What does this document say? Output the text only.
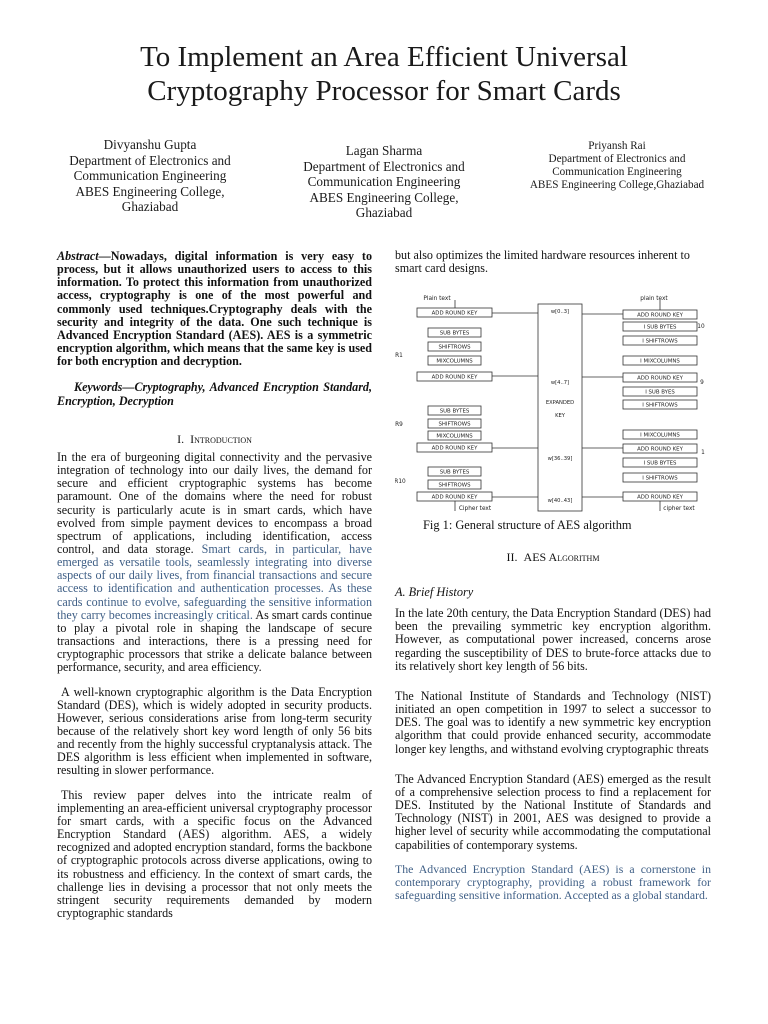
To Implement an Area Efficient Universal
Cryptography Processor for Smart Cards
Divyanshu Gupta
Department of Electronics and
Communication Engineering
ABES Engineering College,
Ghaziabad
Lagan Sharma
Department of Electronics and
Communication Engineering
ABES Engineering College,
Ghaziabad
Priyansh Rai
Department of Electronics and
Communication Engineering
ABES Engineering College,Ghaziabad

Abstract—Nowadays, digital information is very easy to process, but it allows unauthorized users to access to this information. To protect this information from unauthorized access, cryptography is one of the most powerful and commonly used techniques.Cryptography deals with the security and integrity of the data. One such technique is Advanced Encryption Standard (AES). AES is a symmetric encryption algorithm, which means that the same key is used for both encryption and decryption.

Keywords—Cryptography, Advanced Encryption Standard, Encryption, Decryption

I. Introduction

In the era of burgeoning digital connectivity and the pervasive integration of technology into our daily lives, the demand for secure and efficient cryptographic systems has become paramount. One of the domains where the need for robust security is particularly acute is in smart cards, which have evolved from simple payment devices to encompass a broad spectrum of applications, including identification, access control, and data storage. Smart cards, in particular, have emerged as versatile tools, seamlessly integrating into diverse aspects of our daily lives, from financial transactions and secure access to identification and authentication processes. As these cards continue to evolve, safeguarding the sensitive information they carry becomes increasingly critical. As smart cards continue to play a pivotal role in shaping the landscape of secure transactions and interactions, there is a pressing need for cryptographic processors that strike a delicate balance between performance, security, and area efficiency.

A well-known cryptographic algorithm is the Data Encryption Standard (DES), which is widely adopted in security products. However, serious considerations arise from long-term security because of the relatively short key word length of only 56 bits and recently from the highly successful cryptanalysis attack. The DES algorithm is less efficient when implemented in software, resulting in slower performance.

This review paper delves into the intricate realm of implementing an area-efficient universal cryptography processor for smart cards, with a specific focus on the Advanced Encryption Standard (AES) algorithm. AES, a widely recognized and adopted encryption standard, forms the backbone of cryptographic protocols across diverse applications, owing to its robustness and efficiency. In the context of smart cards, the challenge lies in devising a processor that not only meets the stringent security requirements demanded by modern cryptographic standards

but also optimizes the limited hardware resources inherent to smart card designs.

ADD ROUND KEY
SUB BYTES
SHIFTROWS
MIXCOLUMNS
ADD ROUND KEY
SUB BYTES
SHIFTROWS
MIXCOLUMNS
ADD ROUND KEY
SUB BYTES
SHIFTROWS
ADD ROUND KEY
ADD ROUND KEY
I SUB BYTES
I SHIFTROWS
I MIXCOLUMNS
ADD ROUND KEY
I SUB BYES
I SHIFTROWS
I MIXCOLUMNS
ADD ROUND KEY
I SUB BYTES
I SHIFTROWS
ADD ROUND KEY
w[0..3]
w[4..7]
EXPANDED
KEY
w[36..39]
w[40..43]
Plain text	plain text
Cipher text	cipher text
R1
R9
R10
10
9
1
Fig 1: General structure of AES algorithm
II. AES Algorithm
A. Brief History

In the late 20th century, the Data Encryption Standard (DES) had been the prevailing symmetric key encryption algorithm. However, as computational power increased, concerns arose regarding the susceptibility of DES to brute-force attacks due to its relatively short key length of 56 bits.

The National Institute of Standards and Technology (NIST) initiated an open competition in 1997 to select a successor to DES. The goal was to identify a new symmetric key encryption algorithm that could provide enhanced security, accommodate longer key lengths, and withstand evolving cryptographic threats

The Advanced Encryption Standard (AES) emerged as the result of a comprehensive selection process to find a replacement for DES. Instituted by the National Institute of Standards and Technology (NIST) in 2001, AES was designed to provide a higher level of security while accommodating the computational capabilities of contemporary systems.

The Advanced Encryption Standard (AES) is a cornerstone in contemporary cryptography, providing a robust framework for safeguarding sensitive information. Accepted as a global standard.
